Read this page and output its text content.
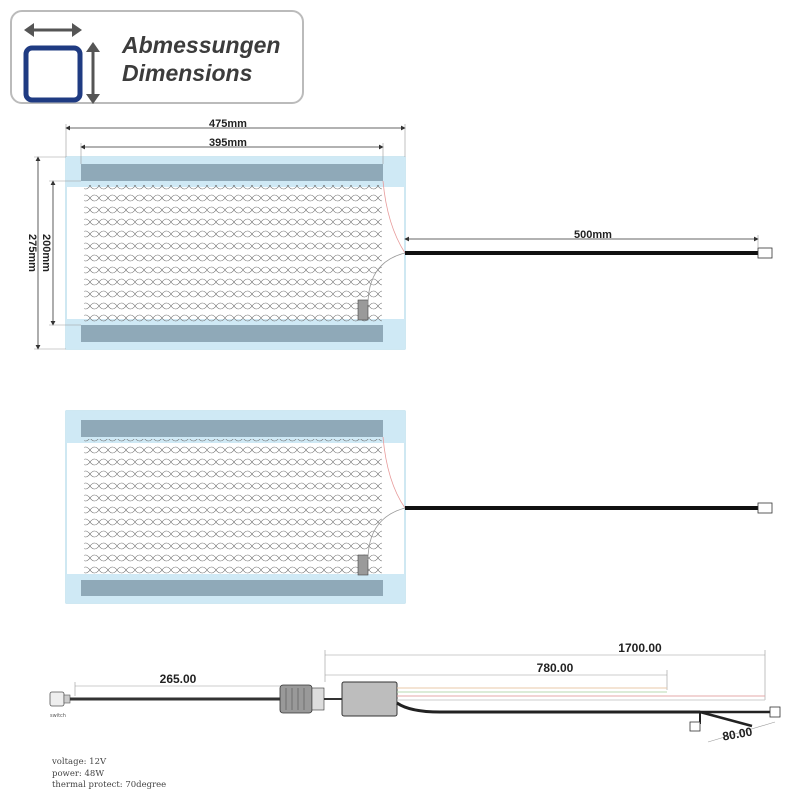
Abmessungen
Dimensions
475mm
395mm
275mm 200mm	500mm
1700.00
780.00
265.00
switch
80.00
voltage: 12V
power: 48W
thermal protect: 70degree
